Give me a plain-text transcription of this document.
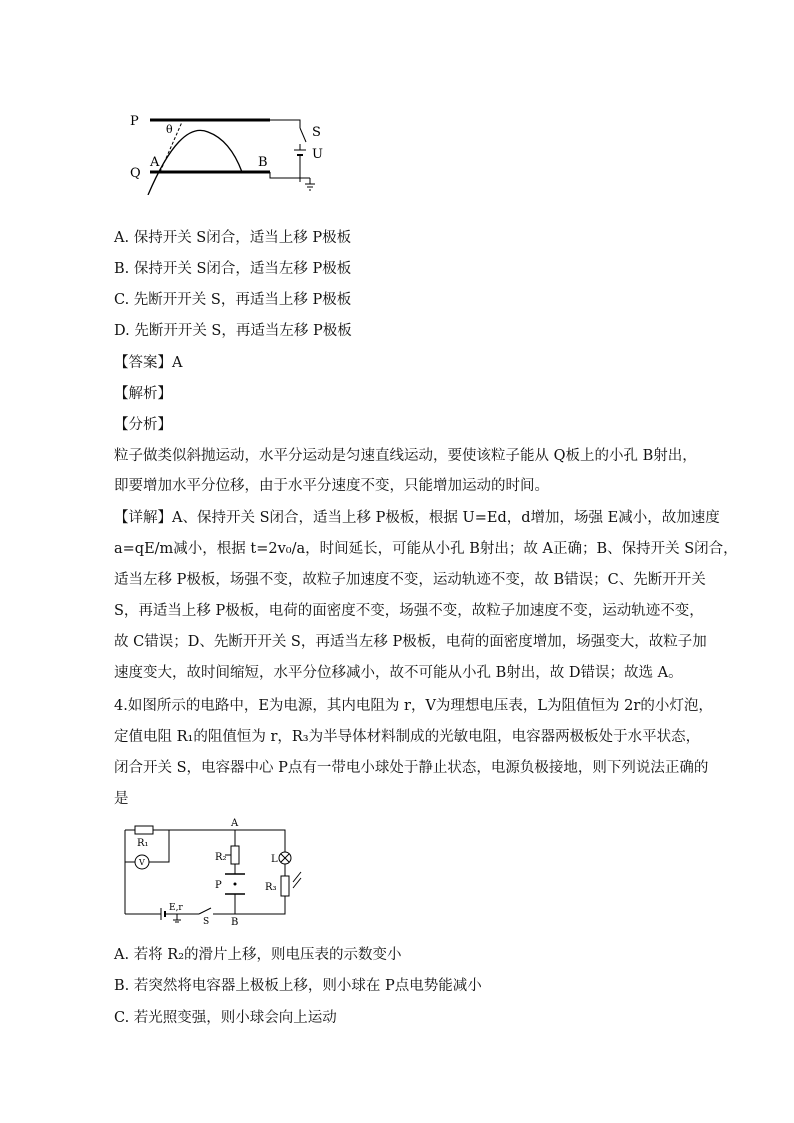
P
Q
A	B
θ	S
U
A. 保持开关 S闭合，适当上移 P极板
B. 保持开关 S闭合，适当左移 P极板
C. 先断开开关 S，再适当上移 P极板
D. 先断开开关 S，再适当左移 P极板
【答案】A
【解析】
【分析】
粒子做类似斜抛运动，水平分运动是匀速直线运动，要使该粒子能从 Q板上的小孔 B射出，
即要增加水平分位移，由于水平分速度不变，只能增加运动的时间。
【详解】A、保持开关 S闭合，适当上移 P极板，根据 U=Ed，d增加，场强 E减小，故加速度
a=qE/m减小，根据 t=2v₀/a，时间延长，可能从小孔 B射出；故 A正确；B、保持开关 S闭合，
适当左移 P极板，场强不变，故粒子加速度不变，运动轨迹不变，故 B错误；C、先断开开关
S，再适当上移 P极板，电荷的面密度不变，场强不变，故粒子加速度不变，运动轨迹不变，
故 C错误；D、先断开开关 S，再适当左移 P极板，电荷的面密度增加，场强变大，故粒子加
速度变大，故时间缩短，水平分位移减小，故不可能从小孔 B射出，故 D错误；故选 A。
4.如图所示的电路中，E为电源，其内电阻为 r，V为理想电压表，L为阻值恒为 2r的小灯泡，
定值电阻 R₁的阻值恒为 r，R₃为半导体材料制成的光敏电阻，电容器两极板处于水平状态，
闭合开关 S，电容器中心 P点有一带电小球处于静止状态，电源负极接地，则下列说法正确的
是
R₁
V
A
R₂	L
P	R₃
E,r
S B
A. 若将 R₂的滑片上移，则电压表的示数变小
B. 若突然将电容器上极板上移，则小球在 P点电势能减小
C. 若光照变强，则小球会向上运动
